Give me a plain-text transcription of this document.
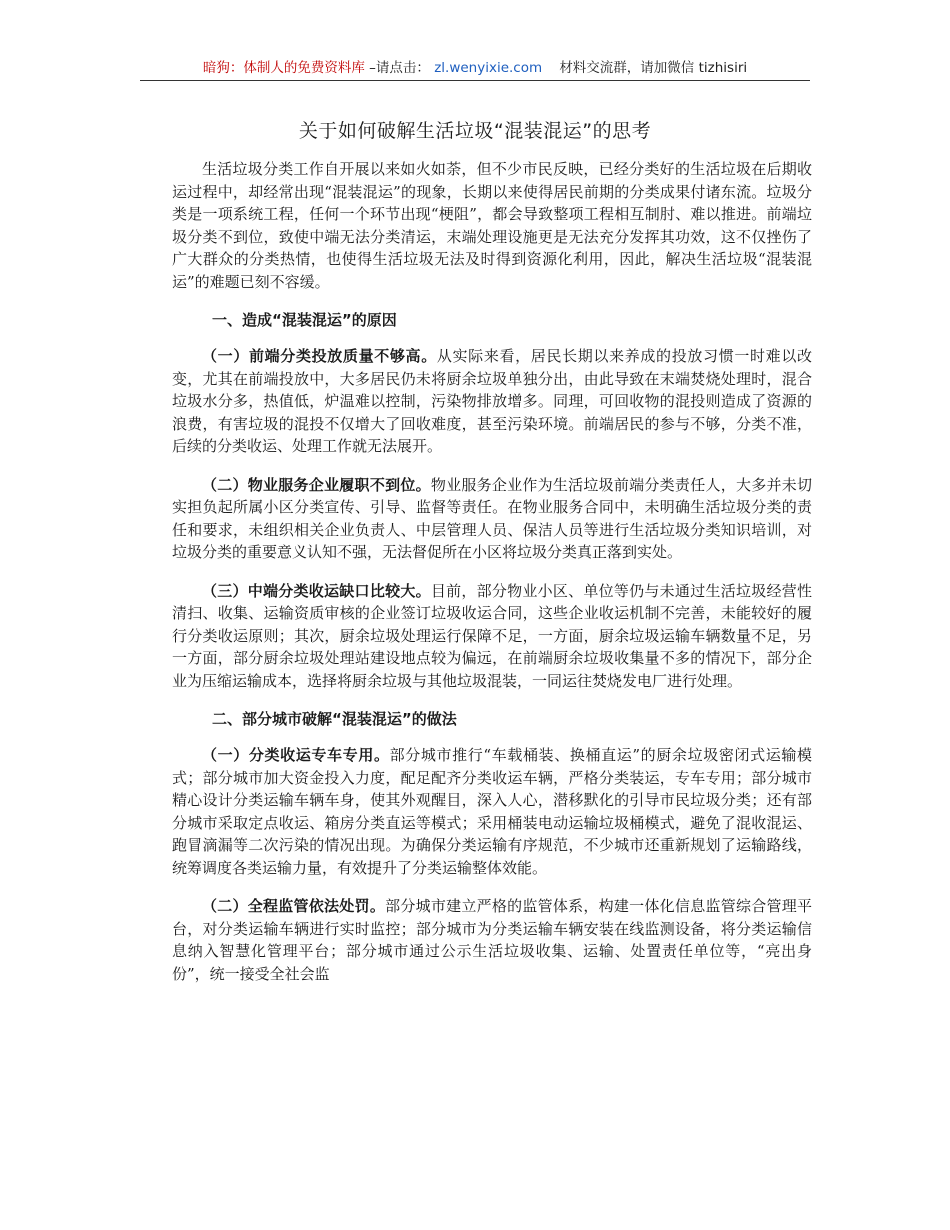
暗狗：体制人的免费资料库 –请点击： zl.wenyixie.com 材料交流群，请加微信 tizhisiri
关于如何破解生活垃圾“混装混运”的思考

生活垃圾分类工作自开展以来如火如荼，但不少市民反映，已经分类好的生活垃圾在后期收运过程中，却经常出现“混装混运”的现象，长期以来使得居民前期的分类成果付诸东流。垃圾分类是一项系统工程，任何一个环节出现“梗阻”，都会导致整项工程相互制肘、难以推进。前端垃圾分类不到位，致使中端无法分类清运，末端处理设施更是无法充分发挥其功效，这不仅挫伤了广大群众的分类热情，也使得生活垃圾无法及时得到资源化利用，因此，解决生活垃圾“混装混运”的难题已刻不容缓。

一、造成“混装混运”的原因

（一）前端分类投放质量不够高。从实际来看，居民长期以来养成的投放习惯一时难以改变，尤其在前端投放中，大多居民仍未将厨余垃圾单独分出，由此导致在末端焚烧处理时，混合垃圾水分多，热值低，炉温难以控制，污染物排放增多。同理，可回收物的混投则造成了资源的浪费，有害垃圾的混投不仅增大了回收难度，甚至污染环境。前端居民的参与不够，分类不准，后续的分类收运、处理工作就无法展开。

（二）物业服务企业履职不到位。物业服务企业作为生活垃圾前端分类责任人，大多并未切实担负起所属小区分类宣传、引导、监督等责任。在物业服务合同中，未明确生活垃圾分类的责任和要求，未组织相关企业负责人、中层管理人员、保洁人员等进行生活垃圾分类知识培训，对垃圾分类的重要意义认知不强，无法督促所在小区将垃圾分类真正落到实处。

（三）中端分类收运缺口比较大。目前，部分物业小区、单位等仍与未通过生活垃圾经营性清扫、收集、运输资质审核的企业签订垃圾收运合同，这些企业收运机制不完善，未能较好的履行分类收运原则；其次，厨余垃圾处理运行保障不足，一方面，厨余垃圾运输车辆数量不足，另一方面，部分厨余垃圾处理站建设地点较为偏远，在前端厨余垃圾收集量不多的情况下，部分企业为压缩运输成本，选择将厨余垃圾与其他垃圾混装，一同运往焚烧发电厂进行处理。

二、部分城市破解“混装混运”的做法

（一）分类收运专车专用。部分城市推行“车载桶装、换桶直运”的厨余垃圾密闭式运输模式；部分城市加大资金投入力度，配足配齐分类收运车辆，严格分类装运，专车专用；部分城市精心设计分类运输车辆车身，使其外观醒目，深入人心，潜移默化的引导市民垃圾分类；还有部分城市采取定点收运、箱房分类直运等模式；采用桶装电动运输垃圾桶模式，避免了混收混运、跑冒滴漏等二次污染的情况出现。为确保分类运输有序规范，不少城市还重新规划了运输路线，统筹调度各类运输力量，有效提升了分类运输整体效能。

（二）全程监管依法处罚。部分城市建立严格的监管体系，构建一体化信息监管综合管理平台，对分类运输车辆进行实时监控；部分城市为分类运输车辆安装在线监测设备，将分类运输信息纳入智慧化管理平台；部分城市通过公示生活垃圾收集、运输、处置责任单位等，“亮出身份”，统一接受全社会监
